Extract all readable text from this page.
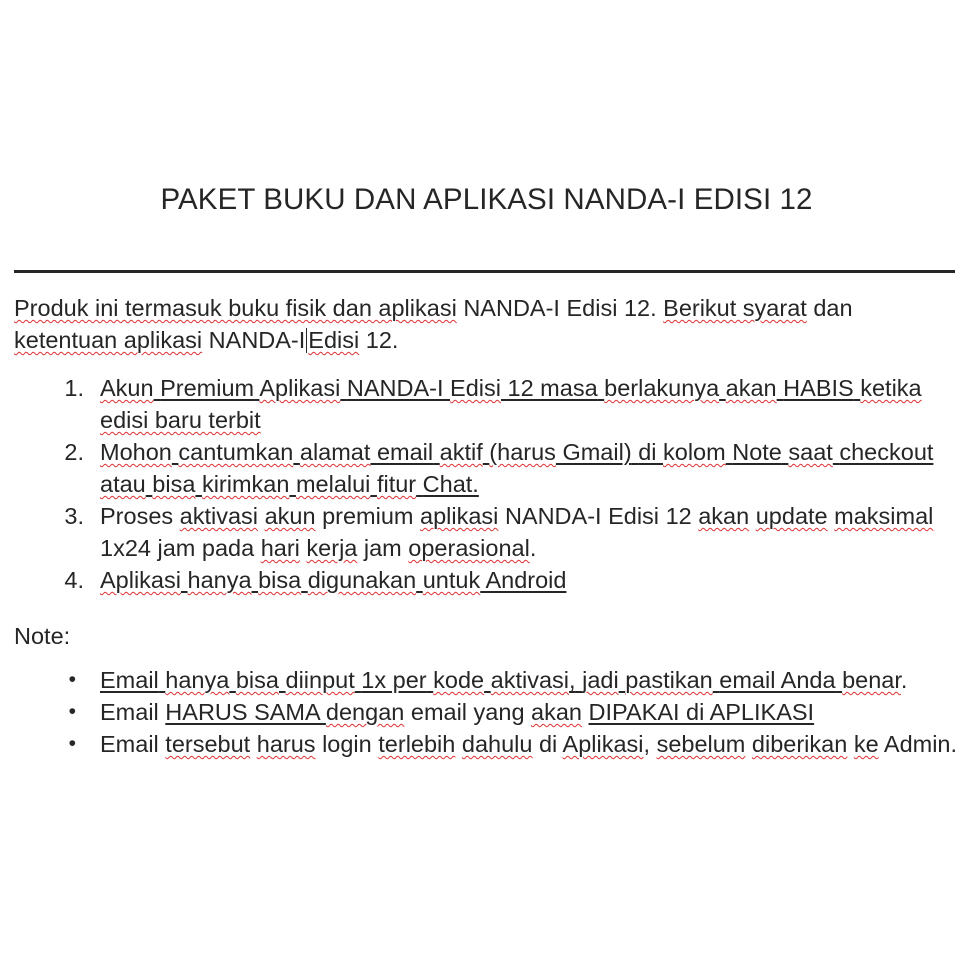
PAKET BUKU DAN APLIKASI NANDA-I EDISI 12

Produk ini termasuk buku fisik dan aplikasi NANDA-I Edisi 12. Berikut syarat dan ketentuan aplikasi NANDA-I Edisi 12.

1. Akun Premium Aplikasi NANDA-I Edisi 12 masa berlakunya akan HABIS ketika edisi baru terbit
2. Mohon cantumkan alamat email aktif (harus Gmail) di kolom Note saat checkout atau bisa kirimkan melalui fitur Chat.
3. Proses aktivasi akun premium aplikasi NANDA-I Edisi 12 akan update maksimal 1x24 jam pada hari kerja jam operasional.
4. Aplikasi hanya bisa digunakan untuk Android
Note:
• Email hanya bisa diinput 1x per kode aktivasi, jadi pastikan email Anda benar.
• Email HARUS SAMA dengan email yang akan DIPAKAI di APLIKASI
• Email tersebut harus login terlebih dahulu di Aplikasi, sebelum diberikan ke Admin.
